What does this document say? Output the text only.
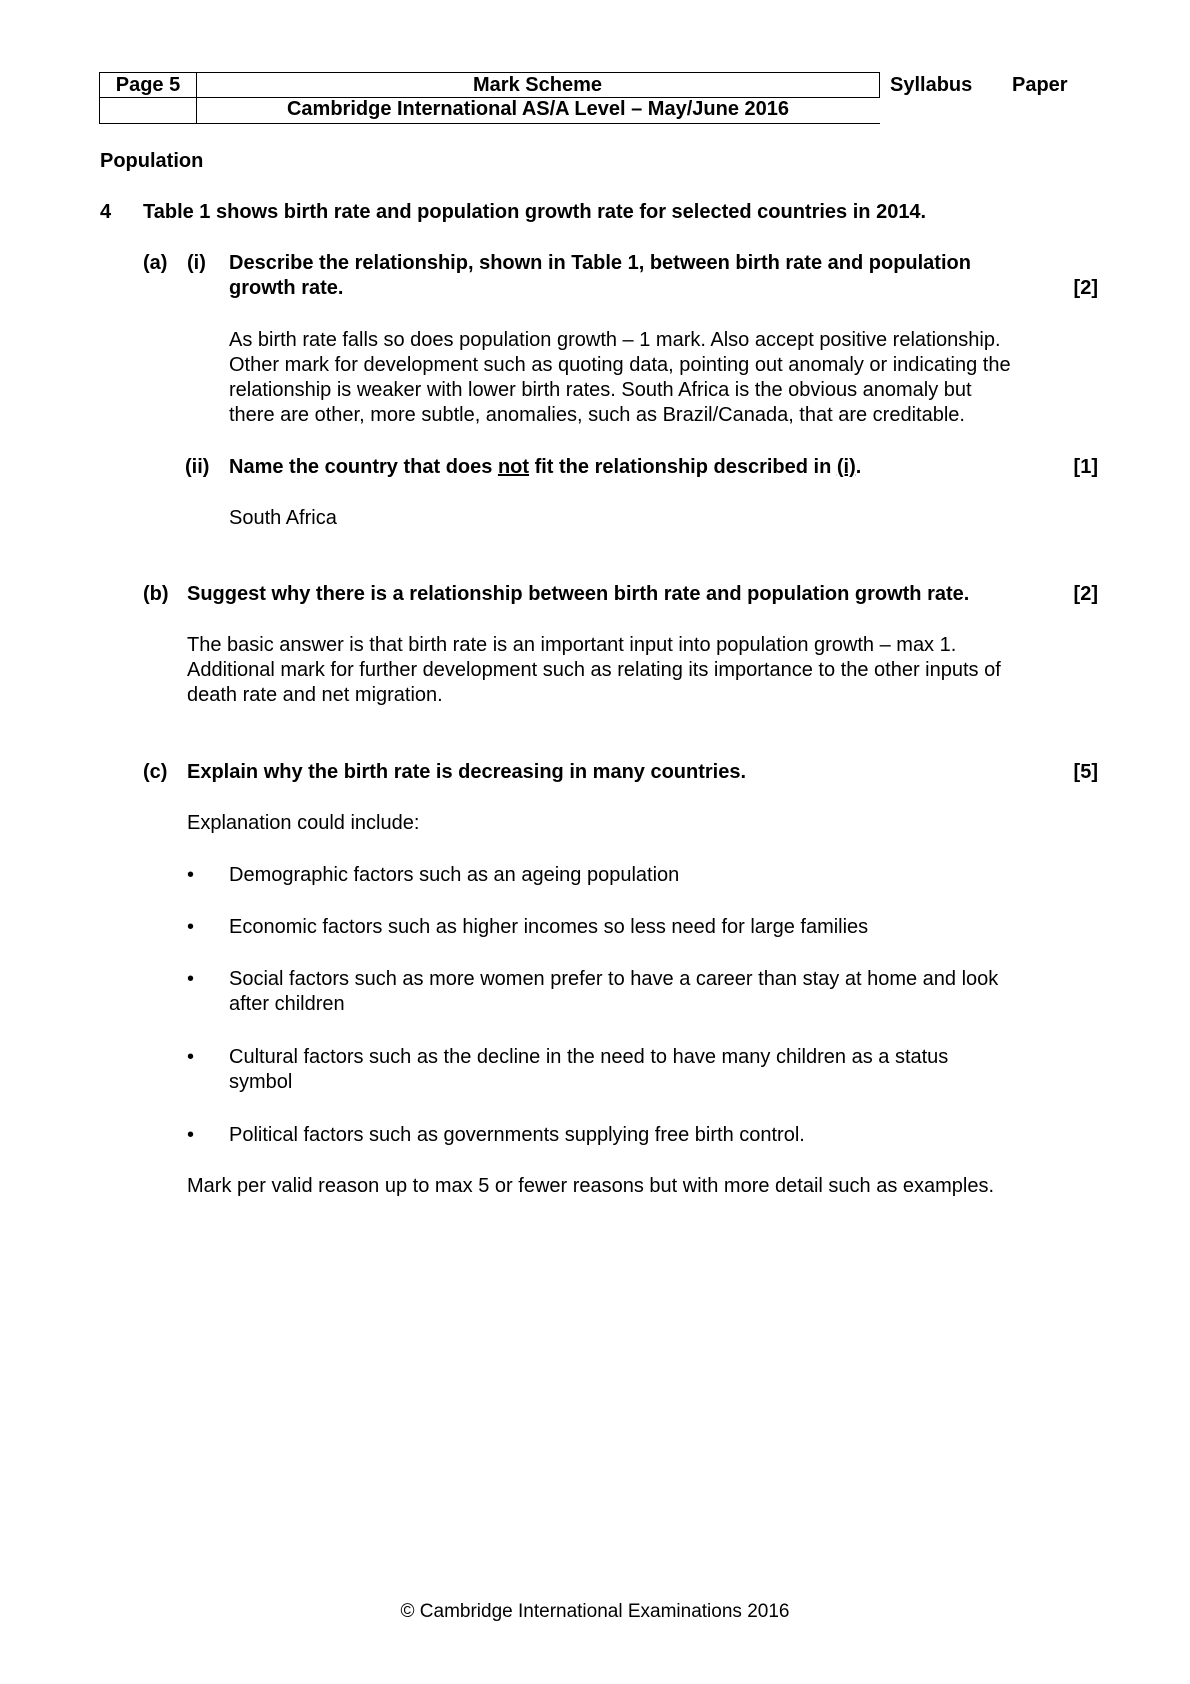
Page 5	Mark Scheme
Cambridge International AS/A Level – May/June 2016
Syllabus Paper
Population
4 Table 1 shows birth rate and population growth rate for selected countries in 2014.
(a) (i) Describe the relationship, shown in Table 1, between birth rate and population
growth rate.	[2]
As birth rate falls so does population growth – 1 mark. Also accept positive relationship.
Other mark for development such as quoting data, pointing out anomaly or indicating the
relationship is weaker with lower birth rates. South Africa is the obvious anomaly but
there are other, more subtle, anomalies, such as Brazil/Canada, that are creditable.
(ii) Name the country that does not fit the relationship described in (i).	[1]
South Africa
(b) Suggest why there is a relationship between birth rate and population growth rate.	[2]
The basic answer is that birth rate is an important input into population growth – max 1.
Additional mark for further development such as relating its importance to the other inputs of
death rate and net migration.
(c) Explain why the birth rate is decreasing in many countries.	[5]
Explanation could include:
• Demographic factors such as an ageing population
• Economic factors such as higher incomes so less need for large families
• Social factors such as more women prefer to have a career than stay at home and look
after children
• Cultural factors such as the decline in the need to have many children as a status
symbol
• Political factors such as governments supplying free birth control.
Mark per valid reason up to max 5 or fewer reasons but with more detail such as examples.
© Cambridge International Examinations 2016
